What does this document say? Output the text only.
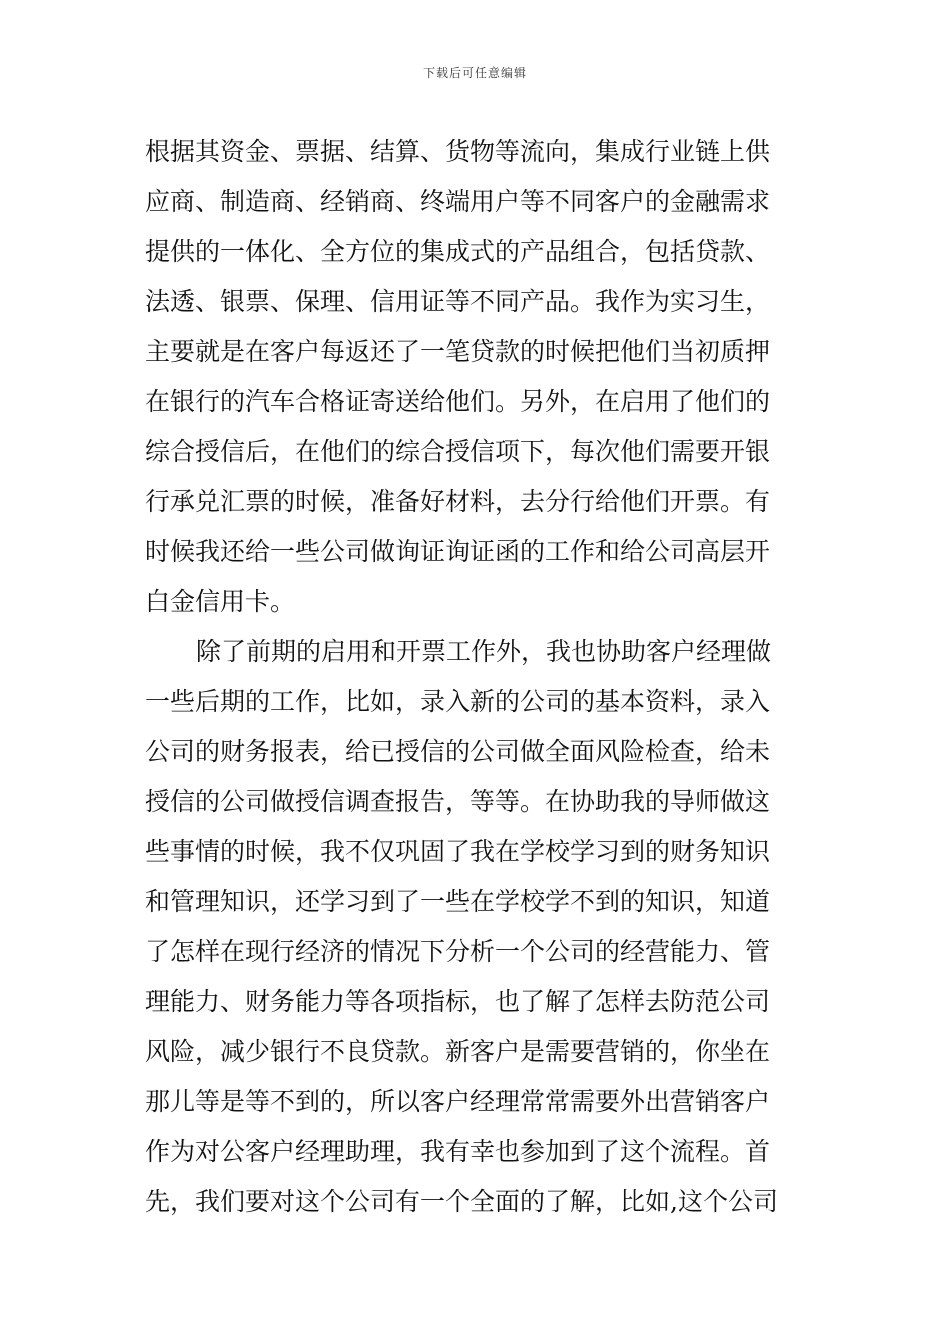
下载后可任意编辑
根据其资金、票据、结算、货物等流向，集成行业链上供
应商、制造商、经销商、终端用户等不同客户的金融需求
提供的一体化、全方位的集成式的产品组合，包括贷款、
法透、银票、保理、信用证等不同产品。我作为实习生，
主要就是在客户每返还了一笔贷款的时候把他们当初质押
在银行的汽车合格证寄送给他们。另外，在启用了他们的
综合授信后，在他们的综合授信项下，每次他们需要开银
行承兑汇票的时候，准备好材料，去分行给他们开票。有
时候我还给一些公司做询证询证函的工作和给公司高层开
白金信用卡。
除了前期的启用和开票工作外，我也协助客户经理做
一些后期的工作，比如，录入新的公司的基本资料，录入
公司的财务报表，给已授信的公司做全面风险检查，给未
授信的公司做授信调查报告，等等。在协助我的导师做这
些事情的时候，我不仅巩固了我在学校学习到的财务知识
和管理知识，还学习到了一些在学校学不到的知识，知道
了怎样在现行经济的情况下分析一个公司的经营能力、管
理能力、财务能力等各项指标，也了解了怎样去防范公司
风险，减少银行不良贷款。新客户是需要营销的，你坐在
那儿等是等不到的，所以客户经理常常需要外出营销客户
作为对公客户经理助理，我有幸也参加到了这个流程。首
先，我们要对这个公司有一个全面的了解，比如,这个公司
